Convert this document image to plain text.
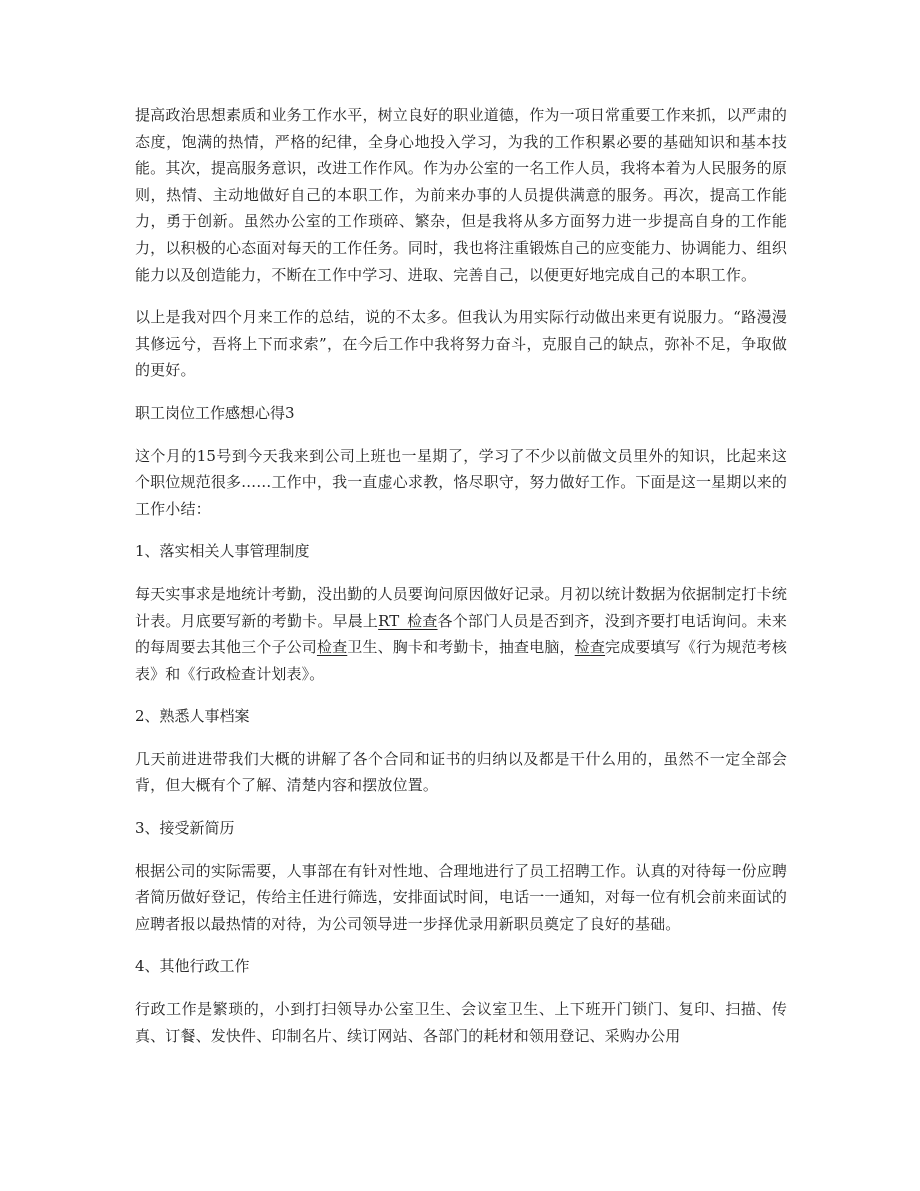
提高政治思想素质和业务工作水平，树立良好的职业道德，作为一项日常重要工作来抓，以严肃的态度，饱满的热情，严格的纪律，全身心地投入学习，为我的工作积累必要的基础知识和基本技能。其次，提高服务意识，改进工作作风。作为办公室的一名工作人员，我将本着为人民服务的原则，热情、主动地做好自己的本职工作，为前来办事的人员提供满意的服务。再次，提高工作能力，勇于创新。虽然办公室的工作琐碎、繁杂，但是我将从多方面努力进一步提高自身的工作能力，以积极的心态面对每天的工作任务。同时，我也将注重锻炼自己的应变能力、协调能力、组织能力以及创造能力，不断在工作中学习、进取、完善自己，以便更好地完成自己的本职工作。

以上是我对四个月来工作的总结，说的不太多。但我认为用实际行动做出来更有说服力。“路漫漫其修远兮，吾将上下而求索”，在今后工作中我将努力奋斗，克服自己的缺点，弥补不足，争取做的更好。

职工岗位工作感想心得3

这个月的15号到今天我来到公司上班也一星期了，学习了不少以前做文员里外的知识，比起来这个职位规范很多……工作中，我一直虚心求教，恪尽职守，努力做好工作。下面是这一星期以来的工作小结：

1、落实相关人事管理制度

每天实事求是地统计考勤，没出勤的人员要询问原因做好记录。月初以统计数据为依据制定打卡统计表。月底要写新的考勤卡。早晨上RT_检查各个部门人员是否到齐，没到齐要打电话询问。未来的每周要去其他三个子公司检查卫生、胸卡和考勤卡，抽查电脑，检查完成要填写《行为规范考核表》和《行政检查计划表》。

2、熟悉人事档案

几天前进进带我们大概的讲解了各个合同和证书的归纳以及都是干什么用的，虽然不一定全部会背，但大概有个了解、清楚内容和摆放位置。

3、接受新简历

根据公司的实际需要，人事部在有针对性地、合理地进行了员工招聘工作。认真的对待每一份应聘者简历做好登记，传给主任进行筛选，安排面试时间，电话一一通知，对每一位有机会前来面试的应聘者报以最热情的对待，为公司领导进一步择优录用新职员奠定了良好的基础。

4、其他行政工作

行政工作是繁琐的，小到打扫领导办公室卫生、会议室卫生、上下班开门锁门、复印、扫描、传真、订餐、发快件、印制名片、续订网站、各部门的耗材和领用登记、采购办公用
